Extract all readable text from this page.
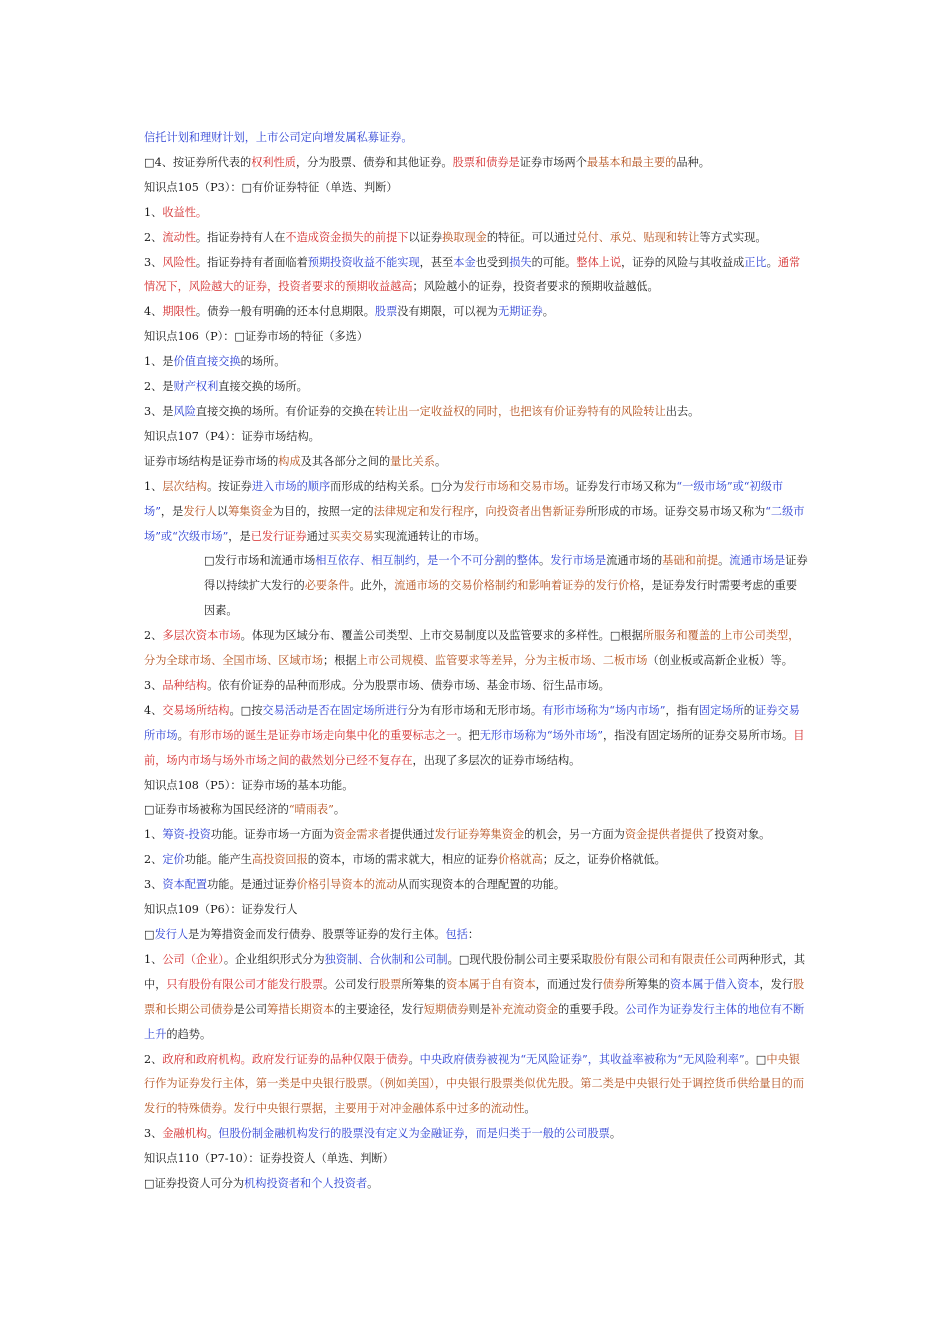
信托计划和理财计划，上市公司定向增发属私募证券。

□4、按证券所代表的权利性质，分为股票、债券和其他证券。股票和债券是证券市场两个最基本和最主要的品种。

知识点105（P3）：□有价证券特征（单选、判断）

1、收益性。

2、流动性。指证券持有人在不造成资金损失的前提下以证券换取现金的特征。可以通过兑付、承兑、贴现和转让等方式实现。

3、风险性。指证券持有者面临着预期投资收益不能实现，甚至本金也受到损失的可能。整体上说，证券的风险与其收益成正比。通常情况下，风险越大的证券，投资者要求的预期收益越高；风险越小的证券，投资者要求的预期收益越低。

4、期限性。债券一般有明确的还本付息期限。股票没有期限，可以视为无期证券。

知识点106（P）：□证券市场的特征（多选）

1、是价值直接交换的场所。

2、是财产权利直接交换的场所。

3、是风险直接交换的场所。有价证券的交换在转让出一定收益权的同时，也把该有价证券特有的风险转让出去。

知识点107（P4）：证券市场结构。

证券市场结构是证券市场的构成及其各部分之间的量比关系。

1、层次结构。按证券进入市场的顺序而形成的结构关系。□分为发行市场和交易市场。证券发行市场又称为“一级市场”或“初级市场”，是发行人以筹集资金为目的，按照一定的法律规定和发行程序，向投资者出售新证券所形成的市场。证券交易市场又称为“二级市场”或“次级市场”，是已发行证券通过买卖交易实现流通转让的市场。

□发行市场和流通市场相互依存、相互制约，是一个不可分割的整体。发行市场是流通市场的基础和前提。流通市场是证券得以持续扩大发行的必要条件。此外，流通市场的交易价格制约和影响着证券的发行价格，是证券发行时需要考虑的重要因素。

2、多层次资本市场。体现为区域分布、覆盖公司类型、上市交易制度以及监管要求的多样性。□根据所服务和覆盖的上市公司类型，分为全球市场、全国市场、区域市场；根据上市公司规模、监管要求等差异，分为主板市场、二板市场（创业板或高新企业板）等。

3、品种结构。依有价证券的品种而形成。分为股票市场、债券市场、基金市场、衍生品市场。

4、交易场所结构。□按交易活动是否在固定场所进行分为有形市场和无形市场。有形市场称为“场内市场”，指有固定场所的证券交易所市场。有形市场的诞生是证券市场走向集中化的重要标志之一。把无形市场称为“场外市场”，指没有固定场所的证券交易所市场。目前，场内市场与场外市场之间的截然划分已经不复存在，出现了多层次的证券市场结构。

知识点108（P5）：证券市场的基本功能。

□证券市场被称为国民经济的“晴雨表”。

1、筹资-投资功能。证券市场一方面为资金需求者提供通过发行证券筹集资金的机会，另一方面为资金提供者提供了投资对象。

2、定价功能。能产生高投资回报的资本，市场的需求就大，相应的证券价格就高；反之，证券价格就低。

3、资本配置功能。是通过证券价格引导资本的流动从而实现资本的合理配置的功能。

知识点109（P6）：证券发行人

□发行人是为筹措资金而发行债券、股票等证券的发行主体。包括：

1、公司（企业）。企业组织形式分为独资制、合伙制和公司制。□现代股份制公司主要采取股份有限公司和有限责任公司两种形式，其中，只有股份有限公司才能发行股票。公司发行股票所筹集的资本属于自有资本，而通过发行债券所筹集的资本属于借入资本，发行股票和长期公司债券是公司筹措长期资本的主要途径，发行短期债券则是补充流动资金的重要手段。公司作为证券发行主体的地位有不断上升的趋势。

2、政府和政府机构。政府发行证券的品种仅限于债券。中央政府债券被视为“无风险证券”，其收益率被称为“无风险利率”。□中央银行作为证券发行主体，第一类是中央银行股票。（例如美国），中央银行股票类似优先股。第二类是中央银行处于调控货币供给量目的而发行的特殊债券。发行中央银行票据，主要用于对冲金融体系中过多的流动性。

3、金融机构。但股份制金融机构发行的股票没有定义为金融证券，而是归类于一般的公司股票。

知识点110（P7-10）：证券投资人（单选、判断）

□证券投资人可分为机构投资者和个人投资者。
